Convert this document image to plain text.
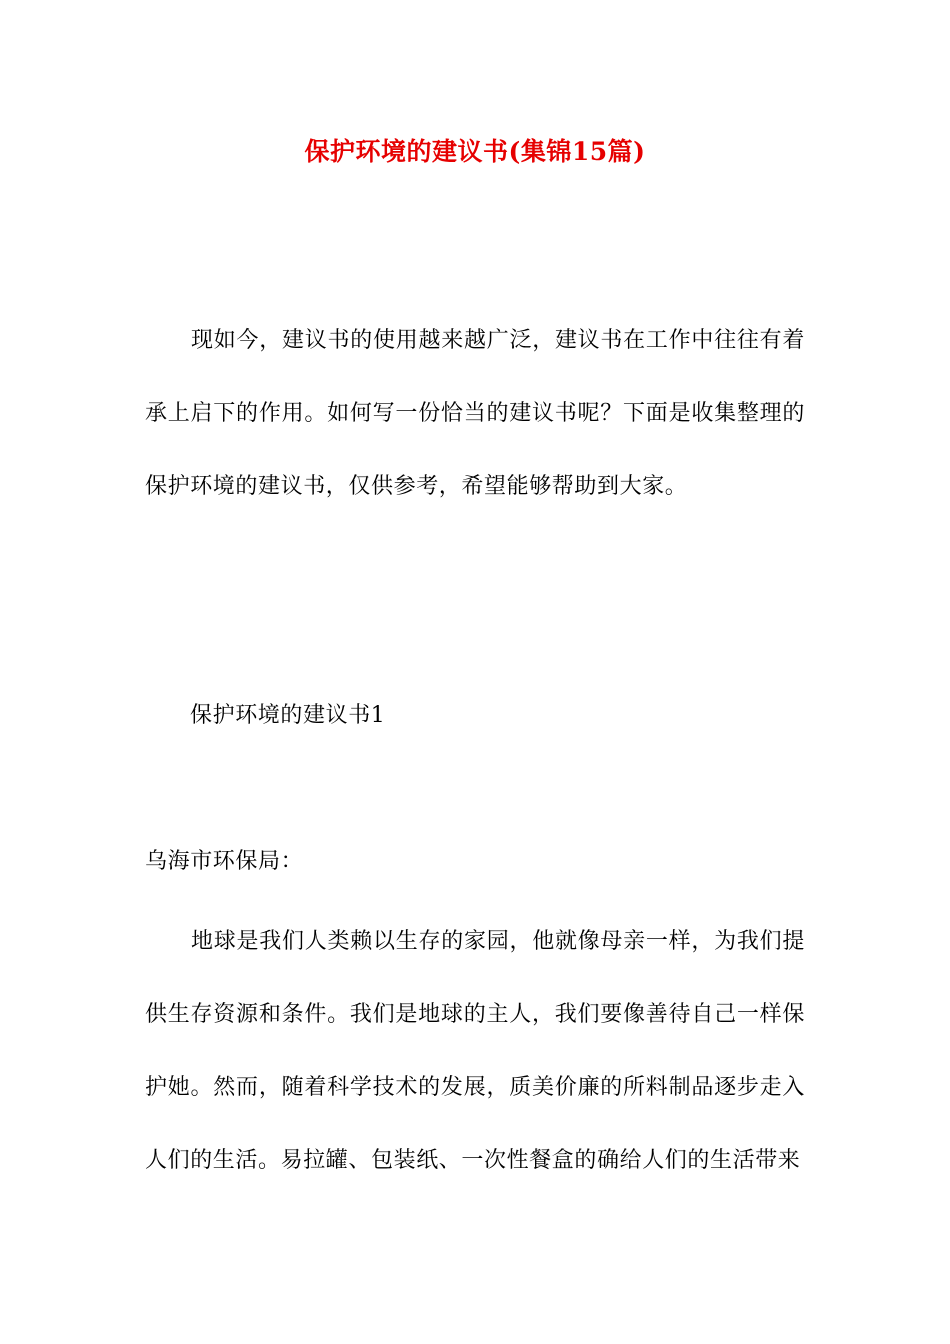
保护环境的建议书(集锦15篇)
现如今，建议书的使用越来越广泛，建议书在工作中往往有着承上启下的作用。如何写一份恰当的建议书呢？下面是收集整理的保护环境的建议书，仅供参考，希望能够帮助到大家。
保护环境的建议书1
乌海市环保局：
地球是我们人类赖以生存的家园，他就像母亲一样，为我们提供生存资源和条件。我们是地球的主人，我们要像善待自己一样保护她。然而，随着科学技术的发展，质美价廉的所料制品逐步走入人们的生活。易拉罐、包装纸、一次性餐盒的确给人们的生活带来
